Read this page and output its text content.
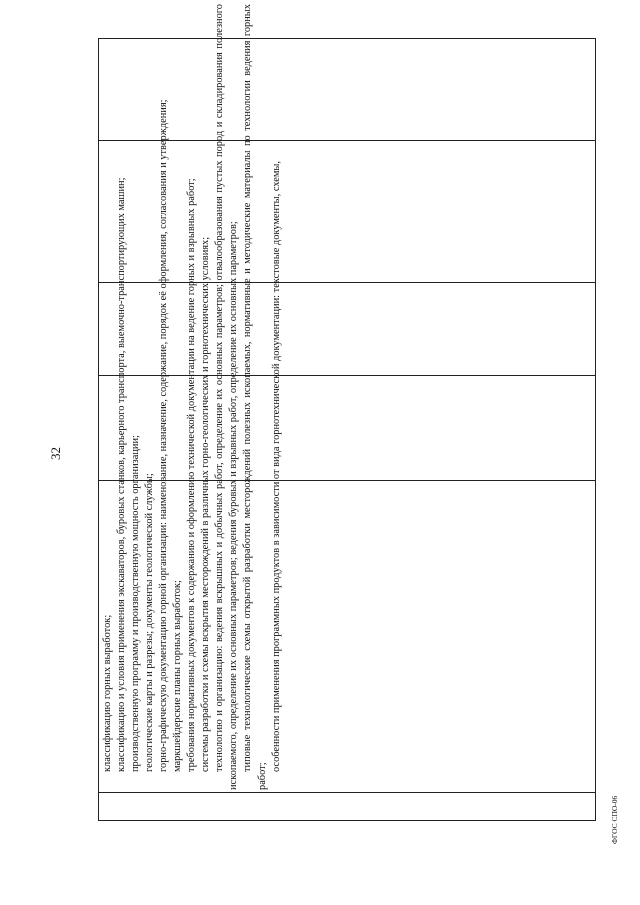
32

классификацию горных выработок; классификацию и условия применения экскаваторов, буровых станков, карьерного транспорта, выемочно-транспортирующих машин; производственную программу и производственную мощность организации; геологические карты и разрезы; документы геологической службы; горно-графическую документацию горной организации: наименование, назначение, содержание, порядок её оформления, согласования и утверждения; маркшейдерские планы горных выработок; требования нормативных документов к содержанию и оформлению технической документации на ведение горных и взрывных работ; системы разработки и схемы вскрытия месторождений в различных горно-геологических и горнотехнических условиях; технологию и организацию: ведения вскрышных и добычных работ, определение их основных параметров; отвалообразования пустых пород и складирования полезного ископаемого, определение их основных параметров; ведения буровых и взрывных работ, определение их основных параметров; типовые технологические схемы открытой разработки месторождений полезных ископаемых, нормативные и методические материалы по технологии ведения горных работ;

особенности применения программных продуктов в зависимости от вида горнотехнической документации: текстовые документы, схемы,

ФГОС СПО-06
